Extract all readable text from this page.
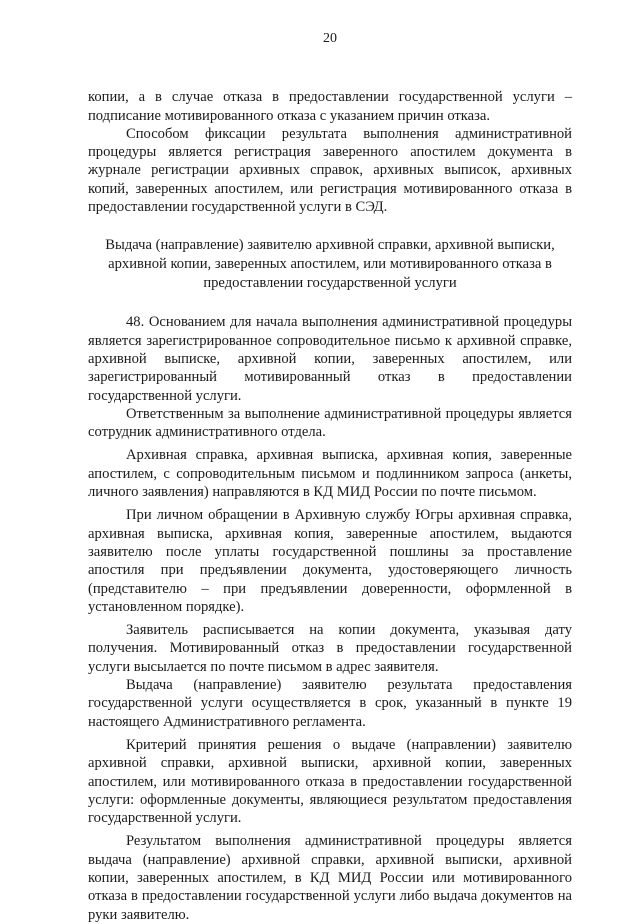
20

копии, а в случае отказа в предоставлении государственной услуги – подписание мотивированного отказа с указанием причин отказа.

Способом фиксации результата выполнения административной процедуры является регистрация заверенного апостилем документа в журнале регистрации архивных справок, архивных выписок, архивных копий, заверенных апостилем, или регистрация мотивированного отказа в предоставлении государственной услуги в СЭД.

Выдача (направление) заявителю архивной справки, архивной выписки, архивной копии, заверенных апостилем, или мотивированного отказа в предоставлении государственной услуги

48. Основанием для начала выполнения административной процедуры является зарегистрированное сопроводительное письмо к архивной справке, архивной выписке, архивной копии, заверенных апостилем, или зарегистрированный мотивированный отказ в предоставлении государственной услуги.

Ответственным за выполнение административной процедуры является сотрудник административного отдела.

Архивная справка, архивная выписка, архивная копия, заверенные апостилем, с сопроводительным письмом и подлинником запроса (анкеты, личного заявления) направляются в КД МИД России по почте письмом.

При личном обращении в Архивную службу Югры архивная справка, архивная выписка, архивная копия, заверенные апостилем, выдаются заявителю после уплаты государственной пошлины за проставление апостиля при предъявлении документа, удостоверяющего личность (представителю – при предъявлении доверенности, оформленной в установленном порядке).

Заявитель расписывается на копии документа, указывая дату получения. Мотивированный отказ в предоставлении государственной услуги высылается по почте письмом в адрес заявителя.

Выдача (направление) заявителю результата предоставления государственной услуги осуществляется в срок, указанный в пункте 19 настоящего Административного регламента.

Критерий принятия решения о выдаче (направлении) заявителю архивной справки, архивной выписки, архивной копии, заверенных апостилем, или мотивированного отказа в предоставлении государственной услуги: оформленные документы, являющиеся результатом предоставления государственной услуги.

Результатом выполнения административной процедуры является выдача (направление) архивной справки, архивной выписки, архивной копии, заверенных апостилем, в КД МИД России или мотивированного отказа в предоставлении государственной услуги либо выдача документов на руки заявителю.
